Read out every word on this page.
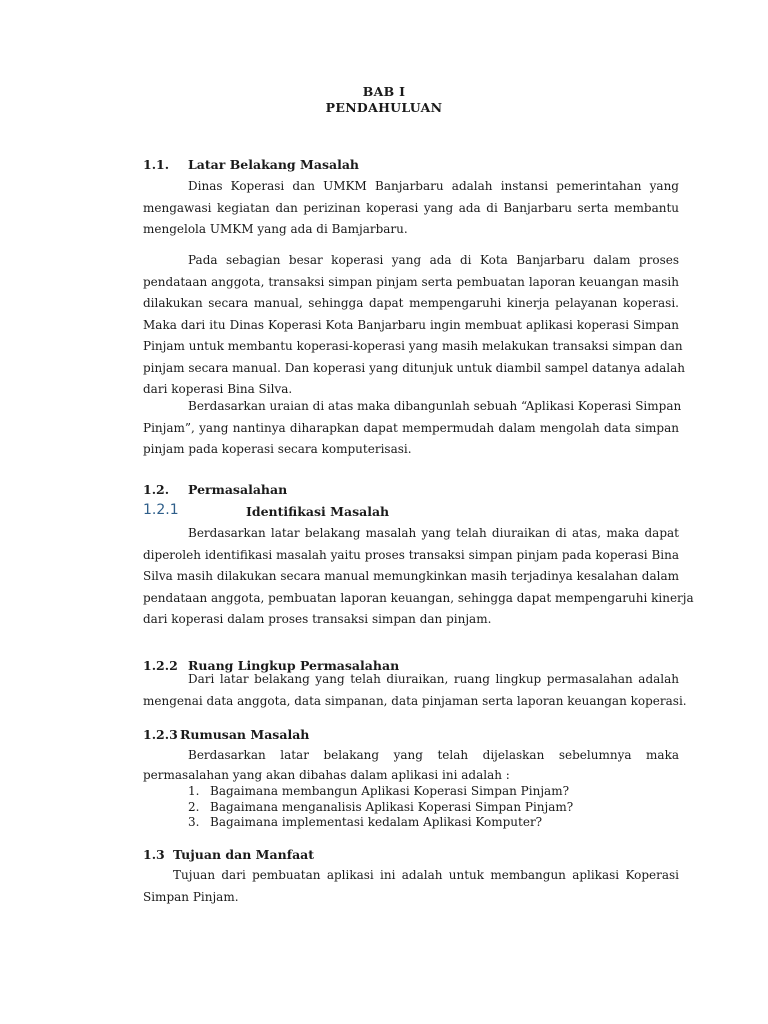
BAB I
PENDAHULUAN
1.1. Latar Belakang Masalah
Dinas Koperasi dan UMKM Banjarbaru adalah instansi pemerintahan yang
mengawasi kegiatan dan perizinan koperasi yang ada di Banjarbaru serta membantu
mengelola UMKM yang ada di Bamjarbaru.
Pada sebagian besar koperasi yang ada di Kota Banjarbaru dalam proses
pendataan anggota, transaksi simpan pinjam serta pembuatan laporan keuangan masih
dilakukan secara manual, sehingga dapat mempengaruhi kinerja pelayanan koperasi.
Maka dari itu Dinas Koperasi Kota Banjarbaru ingin membuat aplikasi koperasi Simpan
Pinjam untuk membantu koperasi-koperasi yang masih melakukan transaksi simpan dan
pinjam secara manual. Dan koperasi yang ditunjuk untuk diambil sampel datanya adalah
dari koperasi Bina Silva.
Berdasarkan uraian di atas maka dibangunlah sebuah “Aplikasi Koperasi Simpan
Pinjam”, yang nantinya diharapkan dapat mempermudah dalam mengolah data simpan
pinjam pada koperasi secara komputerisasi.
1.2. Permasalahan
1.2.1	Identifikasi Masalah
Berdasarkan latar belakang masalah yang telah diuraikan di atas, maka dapat
diperoleh identifikasi masalah yaitu proses transaksi simpan pinjam pada koperasi Bina
Silva masih dilakukan secara manual memungkinkan masih terjadinya kesalahan dalam
pendataan anggota, pembuatan laporan keuangan, sehingga dapat mempengaruhi kinerja
dari koperasi dalam proses transaksi simpan dan pinjam.
1.2.2 Ruang Lingkup Permasalahan
Dari latar belakang yang telah diuraikan, ruang lingkup permasalahan adalah
mengenai data anggota, data simpanan, data pinjaman serta laporan keuangan koperasi.
1.2.3 Rumusan Masalah
Berdasarkan latar belakang yang telah dijelaskan sebelumnya maka
permasalahan yang akan dibahas dalam aplikasi ini adalah :
1. Bagaimana membangun Aplikasi Koperasi Simpan Pinjam?
2. Bagaimana menganalisis Aplikasi Koperasi Simpan Pinjam?
3. Bagaimana implementasi kedalam Aplikasi Komputer?
1.3 Tujuan dan Manfaat
Tujuan dari pembuatan aplikasi ini adalah untuk membangun aplikasi Koperasi
Simpan Pinjam.
